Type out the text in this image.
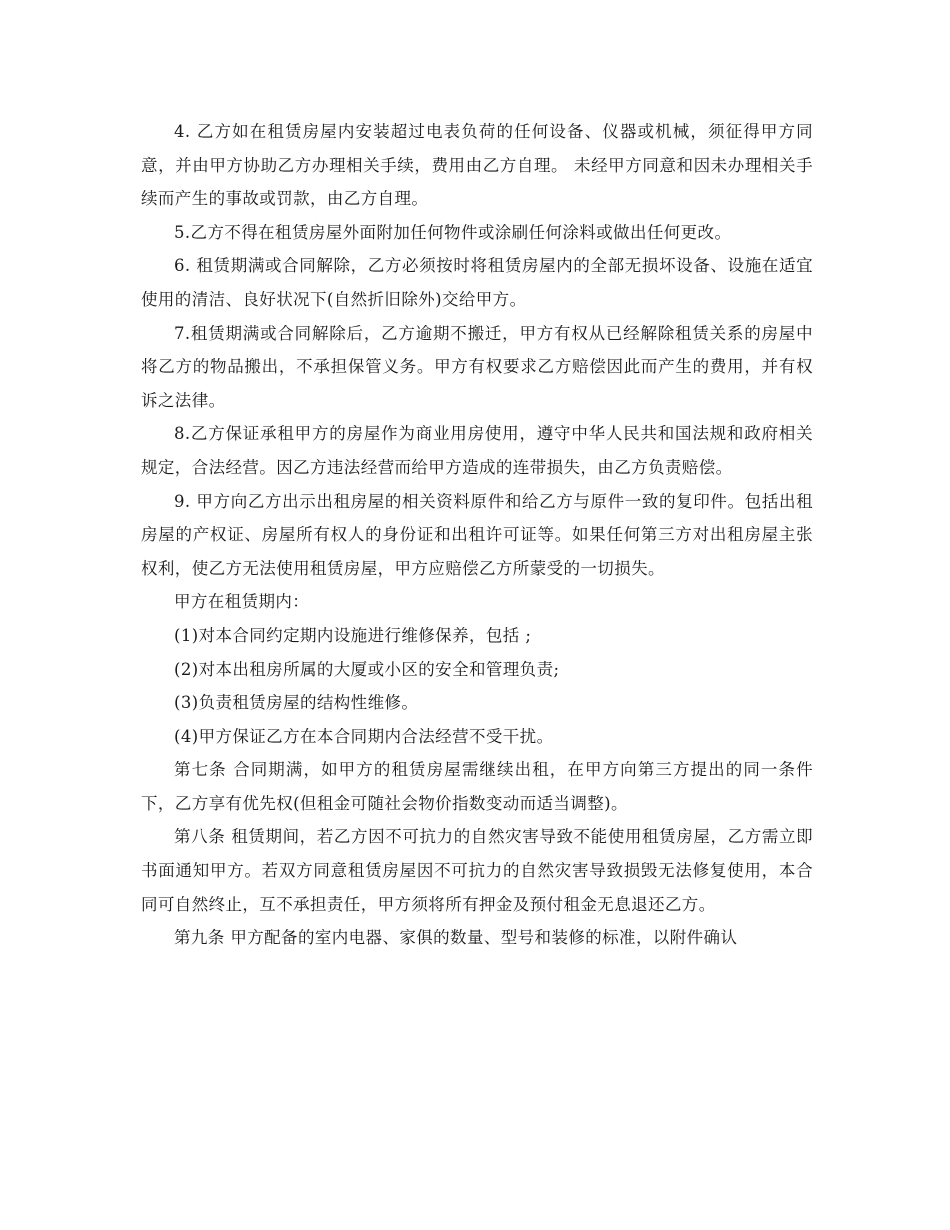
4. 乙方如在租赁房屋内安装超过电表负荷的任何设备、仪器或机械，须征得甲方同意，并由甲方协助乙方办理相关手续，费用由乙方自理。 未经甲方同意和因未办理相关手续而产生的事故或罚款，由乙方自理。

5.乙方不得在租赁房屋外面附加任何物件或涂刷任何涂料或做出任何更改。

6. 租赁期满或合同解除，乙方必须按时将租赁房屋内的全部无损坏设备、设施在适宜使用的清洁、良好状况下(自然折旧除外)交给甲方。

7.租赁期满或合同解除后，乙方逾期不搬迁，甲方有权从已经解除租赁关系的房屋中将乙方的物品搬出，不承担保管义务。甲方有权要求乙方赔偿因此而产生的费用，并有权诉之法律。

8.乙方保证承租甲方的房屋作为商业用房使用，遵守中华人民共和国法规和政府相关规定，合法经营。因乙方违法经营而给甲方造成的连带损失，由乙方负责赔偿。

9. 甲方向乙方出示出租房屋的相关资料原件和给乙方与原件一致的复印件。包括出租房屋的产权证、房屋所有权人的身份证和出租许可证等。如果任何第三方对出租房屋主张权利，使乙方无法使用租赁房屋，甲方应赔偿乙方所蒙受的一切损失。

甲方在租赁期内：

(1)对本合同约定期内设施进行维修保养，包括 ;

(2)对本出租房所属的大厦或小区的安全和管理负责;

(3)负责租赁房屋的结构性维修。

(4)甲方保证乙方在本合同期内合法经营不受干扰。

第七条 合同期满，如甲方的租赁房屋需继续出租，在甲方向第三方提出的同一条件下，乙方享有优先权(但租金可随社会物价指数变动而适当调整)。

第八条 租赁期间，若乙方因不可抗力的自然灾害导致不能使用租赁房屋，乙方需立即书面通知甲方。若双方同意租赁房屋因不可抗力的自然灾害导致损毁无法修复使用，本合同可自然终止，互不承担责任，甲方须将所有押金及预付租金无息退还乙方。

第九条 甲方配备的室内电器、家俱的数量、型号和装修的标准，以附件确认
